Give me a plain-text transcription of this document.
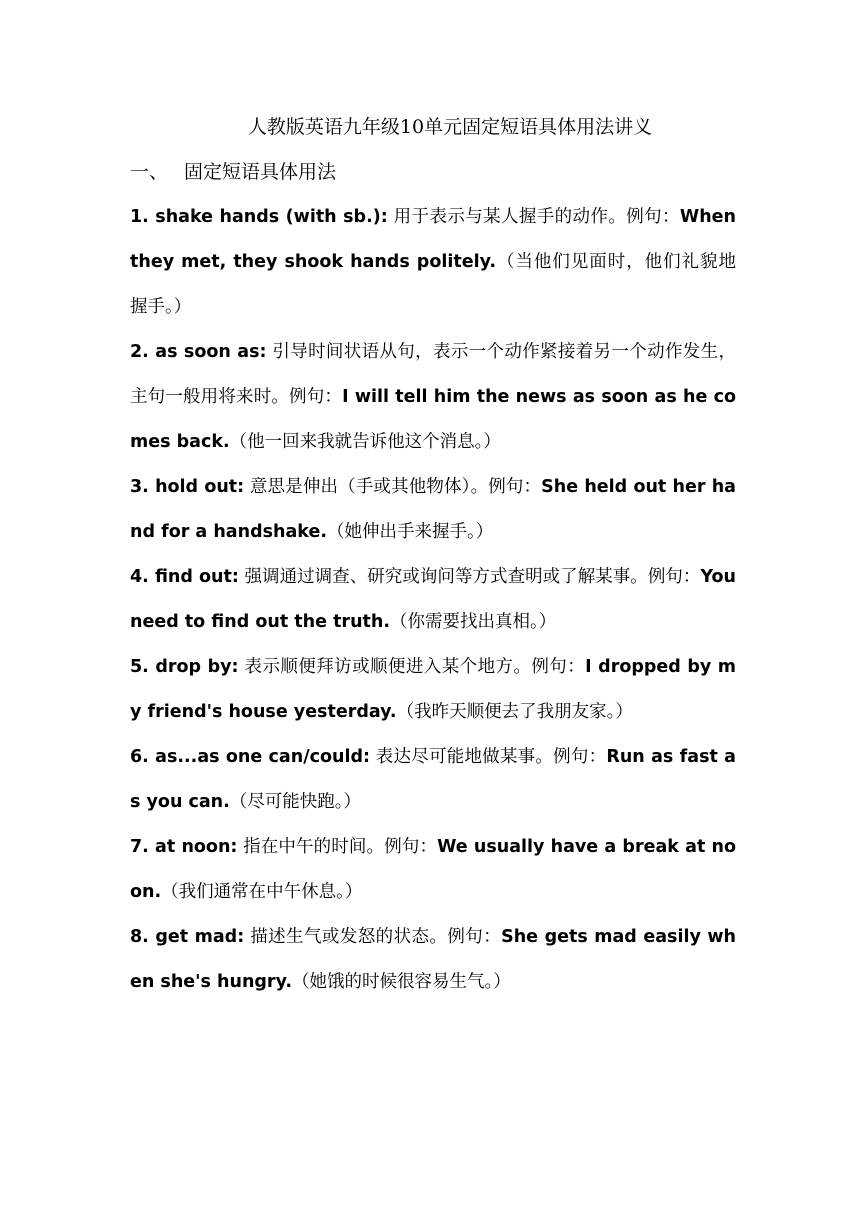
人教版英语九年级10单元固定短语具体用法讲义
一、 固定短语具体用法
1. shake hands (with sb.): 用于表示与某人握手的动作。例句：When they met, they shook hands politely.（当他们见面时，他们礼貌地握手。）
2. as soon as: 引导时间状语从句，表示一个动作紧接着另一个动作发生，主句一般用将来时。例句：I will tell him the news as soon as he comes back.（他一回来我就告诉他这个消息。）
3. hold out: 意思是伸出（手或其他物体）。例句：She held out her hand for a handshake.（她伸出手来握手。）
4. find out: 强调通过调查、研究或询问等方式查明或了解某事。例句：You need to find out the truth.（你需要找出真相。）
5. drop by: 表示顺便拜访或顺便进入某个地方。例句：I dropped by my friend's house yesterday.（我昨天顺便去了我朋友家。）
6. as...as one can/could: 表达尽可能地做某事。例句：Run as fast as you can.（尽可能快跑。）
7. at noon: 指在中午的时间。例句：We usually have a break at noon.（我们通常在中午休息。）
8. get mad: 描述生气或发怒的状态。例句：She gets mad easily when she's hungry.（她饿的时候很容易生气。）
